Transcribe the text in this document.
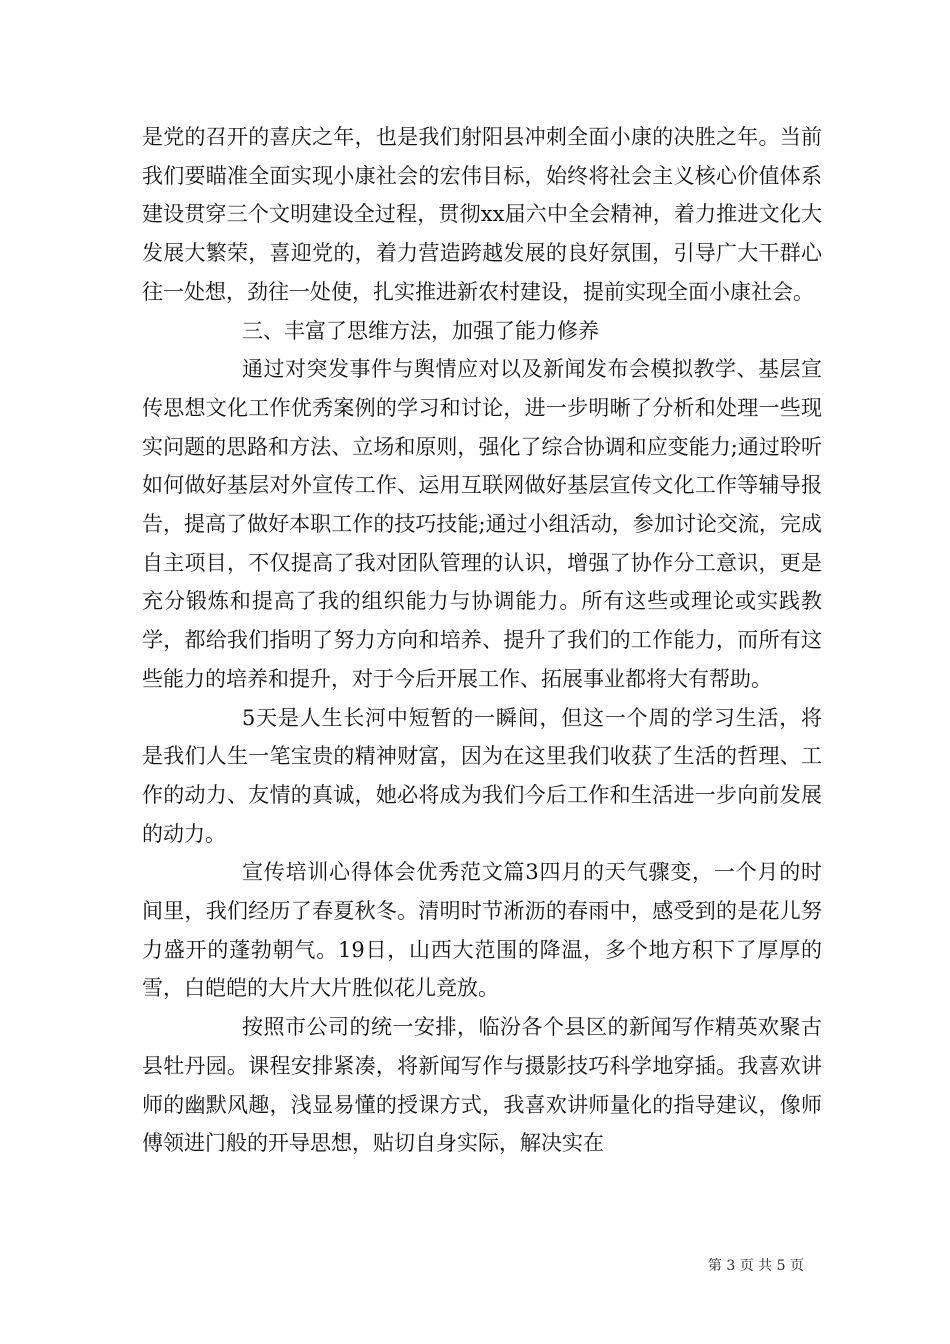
是党的召开的喜庆之年，也是我们射阳县冲刺全面小康的决胜之年。当前我们要瞄准全面实现小康社会的宏伟目标，始终将社会主义核心价值体系建设贯穿三个文明建设全过程，贯彻xx届六中全会精神，着力推进文化大发展大繁荣，喜迎党的，着力营造跨越发展的良好氛围，引导广大干群心往一处想，劲往一处使，扎实推进新农村建设，提前实现全面小康社会。

三、丰富了思维方法，加强了能力修养

通过对突发事件与舆情应对以及新闻发布会模拟教学、基层宣传思想文化工作优秀案例的学习和讨论，进一步明晰了分析和处理一些现实问题的思路和方法、立场和原则，强化了综合协调和应变能力;通过聆听如何做好基层对外宣传工作、运用互联网做好基层宣传文化工作等辅导报告，提高了做好本职工作的技巧技能;通过小组活动，参加讨论交流，完成自主项目，不仅提高了我对团队管理的认识，增强了协作分工意识，更是充分锻炼和提高了我的组织能力与协调能力。所有这些或理论或实践教学，都给我们指明了努力方向和培养、提升了我们的工作能力，而所有这些能力的培养和提升，对于今后开展工作、拓展事业都将大有帮助。

5天是人生长河中短暂的一瞬间，但这一个周的学习生活，将是我们人生一笔宝贵的精神财富，因为在这里我们收获了生活的哲理、工作的动力、友情的真诚，她必将成为我们今后工作和生活进一步向前发展的动力。

宣传培训心得体会优秀范文篇3四月的天气骤变，一个月的时间里，我们经历了春夏秋冬。清明时节淅沥的春雨中，感受到的是花儿努力盛开的蓬勃朝气。19日，山西大范围的降温，多个地方积下了厚厚的雪，白皑皑的大片大片胜似花儿竞放。

按照市公司的统一安排，临汾各个县区的新闻写作精英欢聚古县牡丹园。课程安排紧凑，将新闻写作与摄影技巧科学地穿插。我喜欢讲师的幽默风趣，浅显易懂的授课方式，我喜欢讲师量化的指导建议，像师傅领进门般的开导思想，贴切自身实际，解决实在

第 3 页 共 5 页
